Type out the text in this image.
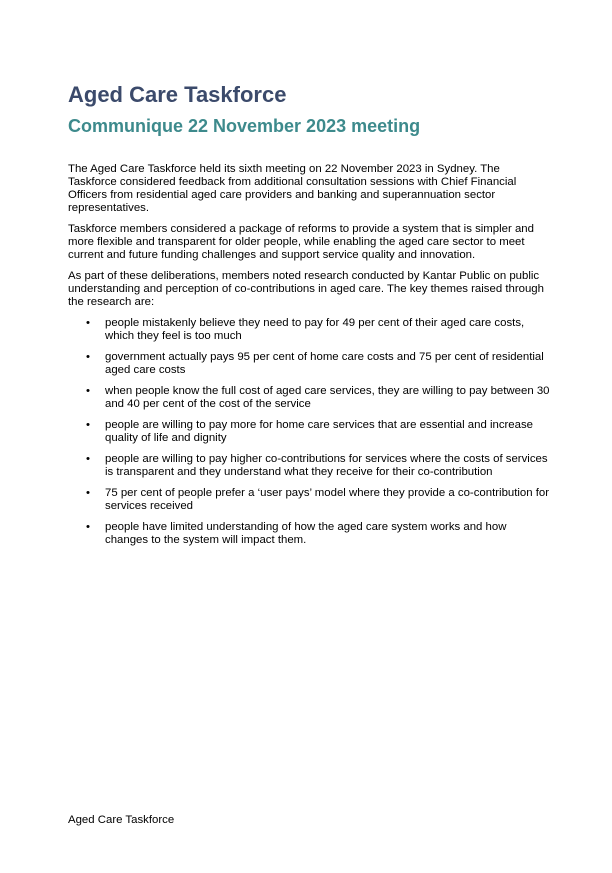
Aged Care Taskforce
Communique 22 November 2023 meeting

The Aged Care Taskforce held its sixth meeting on 22 November 2023 in Sydney. The Taskforce considered feedback from additional consultation sessions with Chief Financial Officers from residential aged care providers and banking and superannuation sector representatives.

Taskforce members considered a package of reforms to provide a system that is simpler and more flexible and transparent for older people, while enabling the aged care sector to meet current and future funding challenges and support service quality and innovation.

As part of these deliberations, members noted research conducted by Kantar Public on public understanding and perception of co-contributions in aged care. The key themes raised through the research are:

• people mistakenly believe they need to pay for 49 per cent of their aged care costs, which they feel is too much
• government actually pays 95 per cent of home care costs and 75 per cent of residential aged care costs
• when people know the full cost of aged care services, they are willing to pay between 30 and 40 per cent of the cost of the service
• people are willing to pay more for home care services that are essential and increase quality of life and dignity
• people are willing to pay higher co-contributions for services where the costs of services is transparent and they understand what they receive for their co-contribution
• 75 per cent of people prefer a ‘user pays’ model where they provide a co-contribution for services received
• people have limited understanding of how the aged care system works and how changes to the system will impact them.
Aged Care Taskforce
